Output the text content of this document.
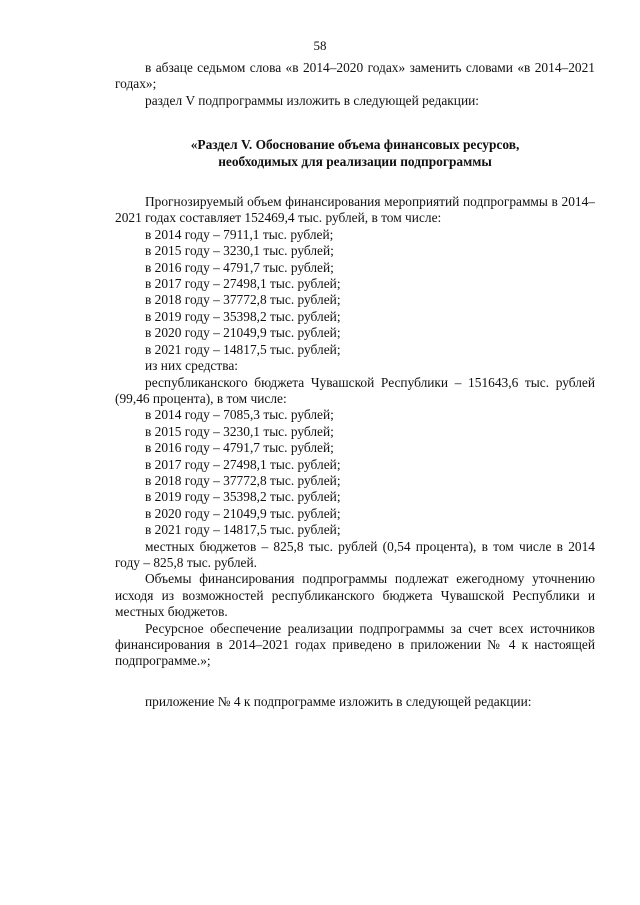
58

в абзаце седьмом слова «в 2014–2020 годах» заменить словами «в 2014–2021 годах»;

раздел V подпрограммы изложить в следующей редакции:

«Раздел V. Обоснование объема финансовых ресурсов,
необходимых для реализации подпрограммы

Прогнозируемый объем финансирования мероприятий подпрограммы в 2014–2021 годах составляет 152469,4 тыс. рублей, в том числе:

в 2014 году – 7911,1 тыс. рублей;

в 2015 году – 3230,1 тыс. рублей;

в 2016 году – 4791,7 тыс. рублей;

в 2017 году – 27498,1 тыс. рублей;

в 2018 году – 37772,8 тыс. рублей;

в 2019 году – 35398,2 тыс. рублей;

в 2020 году – 21049,9 тыс. рублей;

в 2021 году – 14817,5 тыс. рублей;

из них средства:

республиканского бюджета Чувашской Республики – 151643,6 тыс. рублей (99,46 процента), в том числе:

в 2014 году – 7085,3 тыс. рублей;

в 2015 году – 3230,1 тыс. рублей;

в 2016 году – 4791,7 тыс. рублей;

в 2017 году – 27498,1 тыс. рублей;

в 2018 году – 37772,8 тыс. рублей;

в 2019 году – 35398,2 тыс. рублей;

в 2020 году – 21049,9 тыс. рублей;

в 2021 году – 14817,5 тыс. рублей;

местных бюджетов – 825,8 тыс. рублей (0,54 процента), в том числе в 2014 году – 825,8 тыс. рублей.

Объемы финансирования подпрограммы подлежат ежегодному уточнению исходя из возможностей республиканского бюджета Чувашской Республики и местных бюджетов.

Ресурсное обеспечение реализации подпрограммы за счет всех источников финансирования в 2014–2021 годах приведено в приложении № 4 к настоящей подпрограмме.»;

приложение № 4 к подпрограмме изложить в следующей редакции:
